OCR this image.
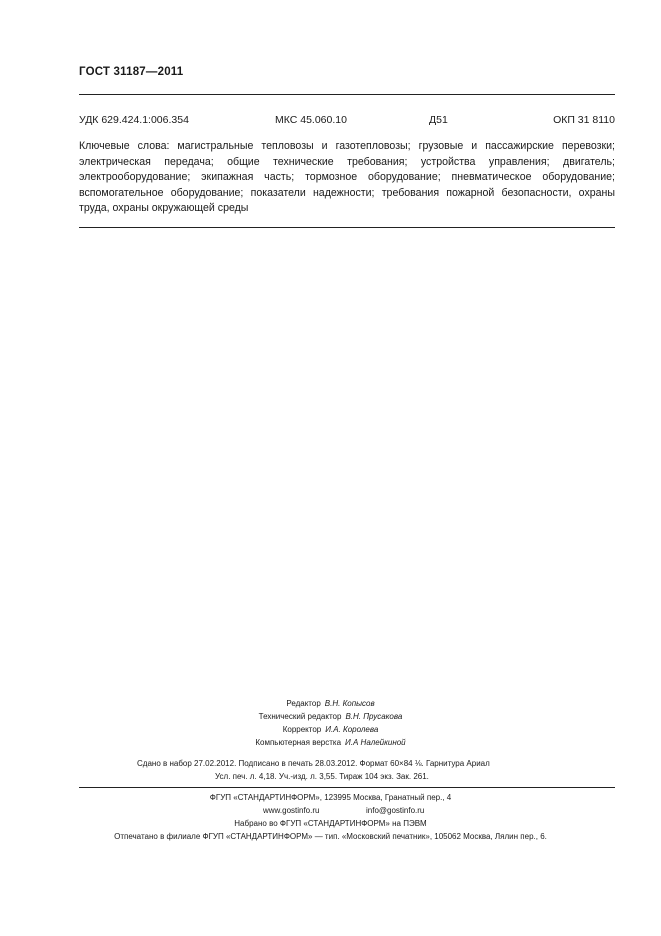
ГОСТ 31187—2011
УДК 629.424.1:006.354	МКС 45.060.10	Д51	ОКП 31 8110
Ключевые слова: магистральные тепловозы и газотепловозы; грузовые и пассажирские перевозки; электрическая передача; общие технические требования; устройства управления; двигатель; электрооборудование; экипажная часть; тормозное оборудование; пневматическое оборудование; вспомогательное оборудование; показатели надежности; требования пожарной безопасности, охраны труда, охраны окружающей среды
Редактор В.Н. Копысов
Технический редактор В.Н. Прусакова
Корректор И.А. Королева
Компьютерная верстка И.А Налейкиной
Сдано в набор 27.02.2012. Подписано в печать 28.03.2012. Формат 60×84 ⅛. Гарнитура Ариал
Усл. печ. л. 4,18. Уч.-изд. л. 3,55. Тираж 104 экз. Зак. 261.
ФГУП «СТАНДАРТИНФОРМ», 123995 Москва, Гранатный пер., 4
www.gostinfo.ru	info@gostinfo.ru
Набрано во ФГУП «СТАНДАРТИНФОРМ» на ПЭВМ
Отпечатано в филиале ФГУП «СТАНДАРТИНФОРМ» — тип. «Московский печатник», 105062 Москва, Лялин пер., 6.
